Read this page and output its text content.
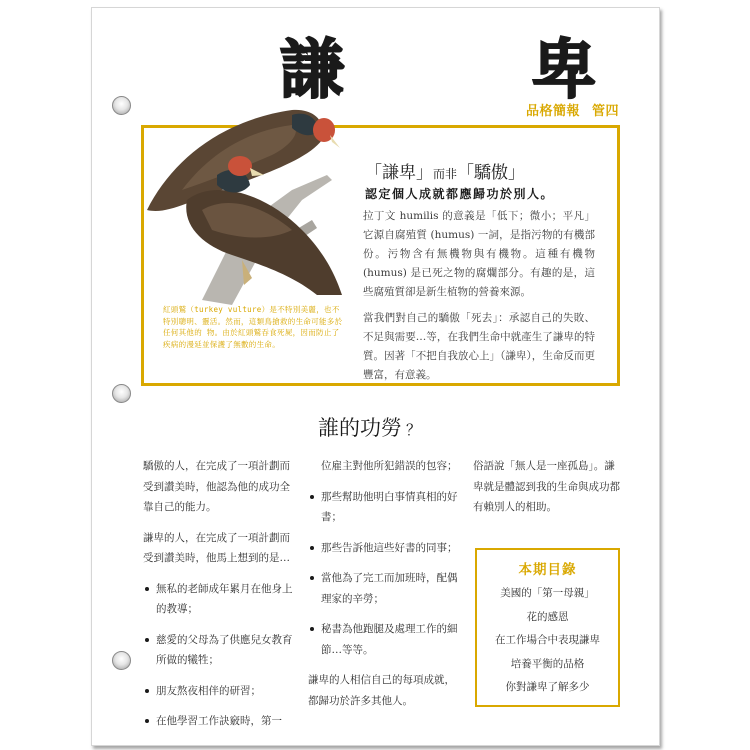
謙　卑
品格簡報 管四
紅頭鷲（turkey vulture）是不特別美麗，也不特別聰明、靈活。然而，這類鳥搶救的生命可能多於任何其他的 物。由於紅頭鷲吞食死屍，因而防止了疾病的漫延並保護了無數的生命。
「謙卑」而非「驕傲」
認定個人成就都應歸功於別人。

拉丁文 humilis 的意義是「低下；微小；平凡」它源自腐殖質 (humus) 一詞，是指污物的有機部份。污物含有無機物與有機物。這種有機物 (humus) 是已死之物的腐爛部分。有趣的是，這些腐殖質卻是新生植物的營養來源。

當我們對自己的驕傲「死去」：承認自己的失敗、不足與需要…等，在我們生命中就產生了謙卑的特質。因著「不把自我放心上」（謙卑），生命反而更豐富，有意義。

誰的功勞 ？

驕傲的人，在完成了一項計劃而受到讚美時，他認為他的成功全靠自己的能力。

謙卑的人，在完成了一項計劃而受到讚美時，他馬上想到的是…

無私的老師成年累月在他身上的教導；
慈愛的父母為了供應兒女教育所做的犧牲；
朋友熬夜相伴的研習；
在他學習工作訣竅時，第一

位雇主對他所犯錯誤的包容；

那些幫助他明白事情真相的好書；
那些告訴他這些好書的同事；
當他為了完工而加班時，配偶理家的辛勞；
秘書為他跑腿及處理工作的細節…等等。

謙卑的人相信自己的每項成就，都歸功於許多其他人。

俗語說「無人是一座孤島」。謙卑就是體認到我的生命與成功都有賴別人的相助。

本期目錄
美國的「第一母親」
花的感恩
在工作場合中表現謙卑
培養平衡的品格
你對謙卑了解多少
